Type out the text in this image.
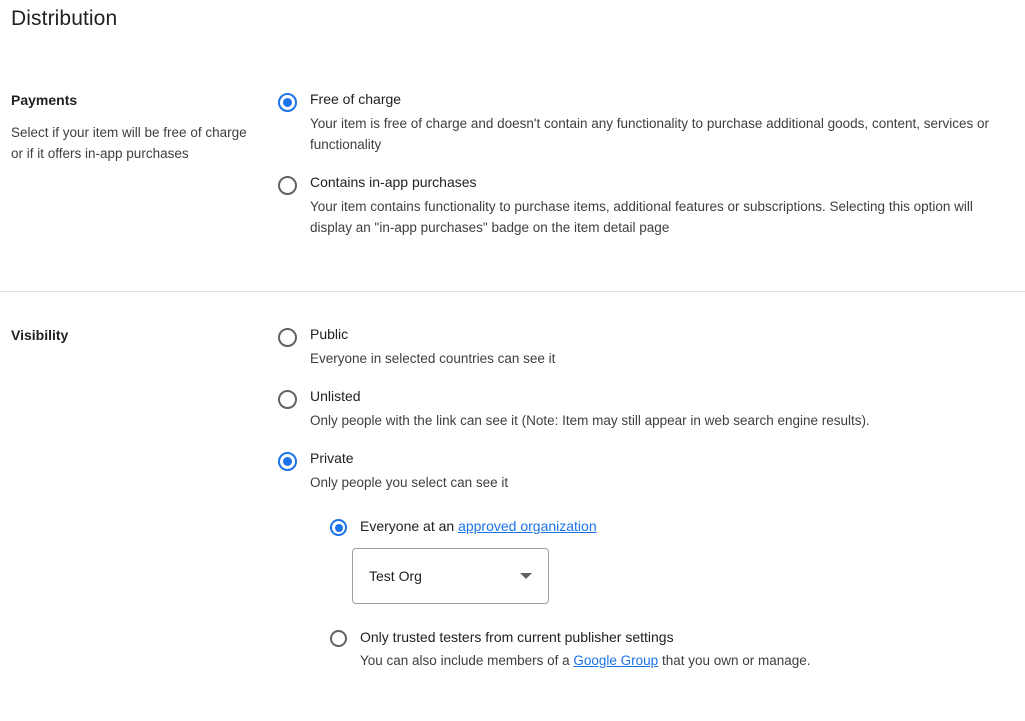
Distribution
Payments
Select if your item will be free of charge or if it offers in-app purchases
Free of charge
Your item is free of charge and doesn't contain any functionality to purchase additional goods, content, services or functionality
Contains in-app purchases
Your item contains functionality to purchase items, additional features or subscriptions. Selecting this option will display an "in-app purchases" badge on the item detail page
Visibility	Public
Everyone in selected countries can see it
Unlisted
Only people with the link can see it (Note: Item may still appear in web search engine results).
Private
Only people you select can see it
Everyone at an approved organization
Test Org
Only trusted testers from current publisher settings
You can also include members of a Google Group that you own or manage.
